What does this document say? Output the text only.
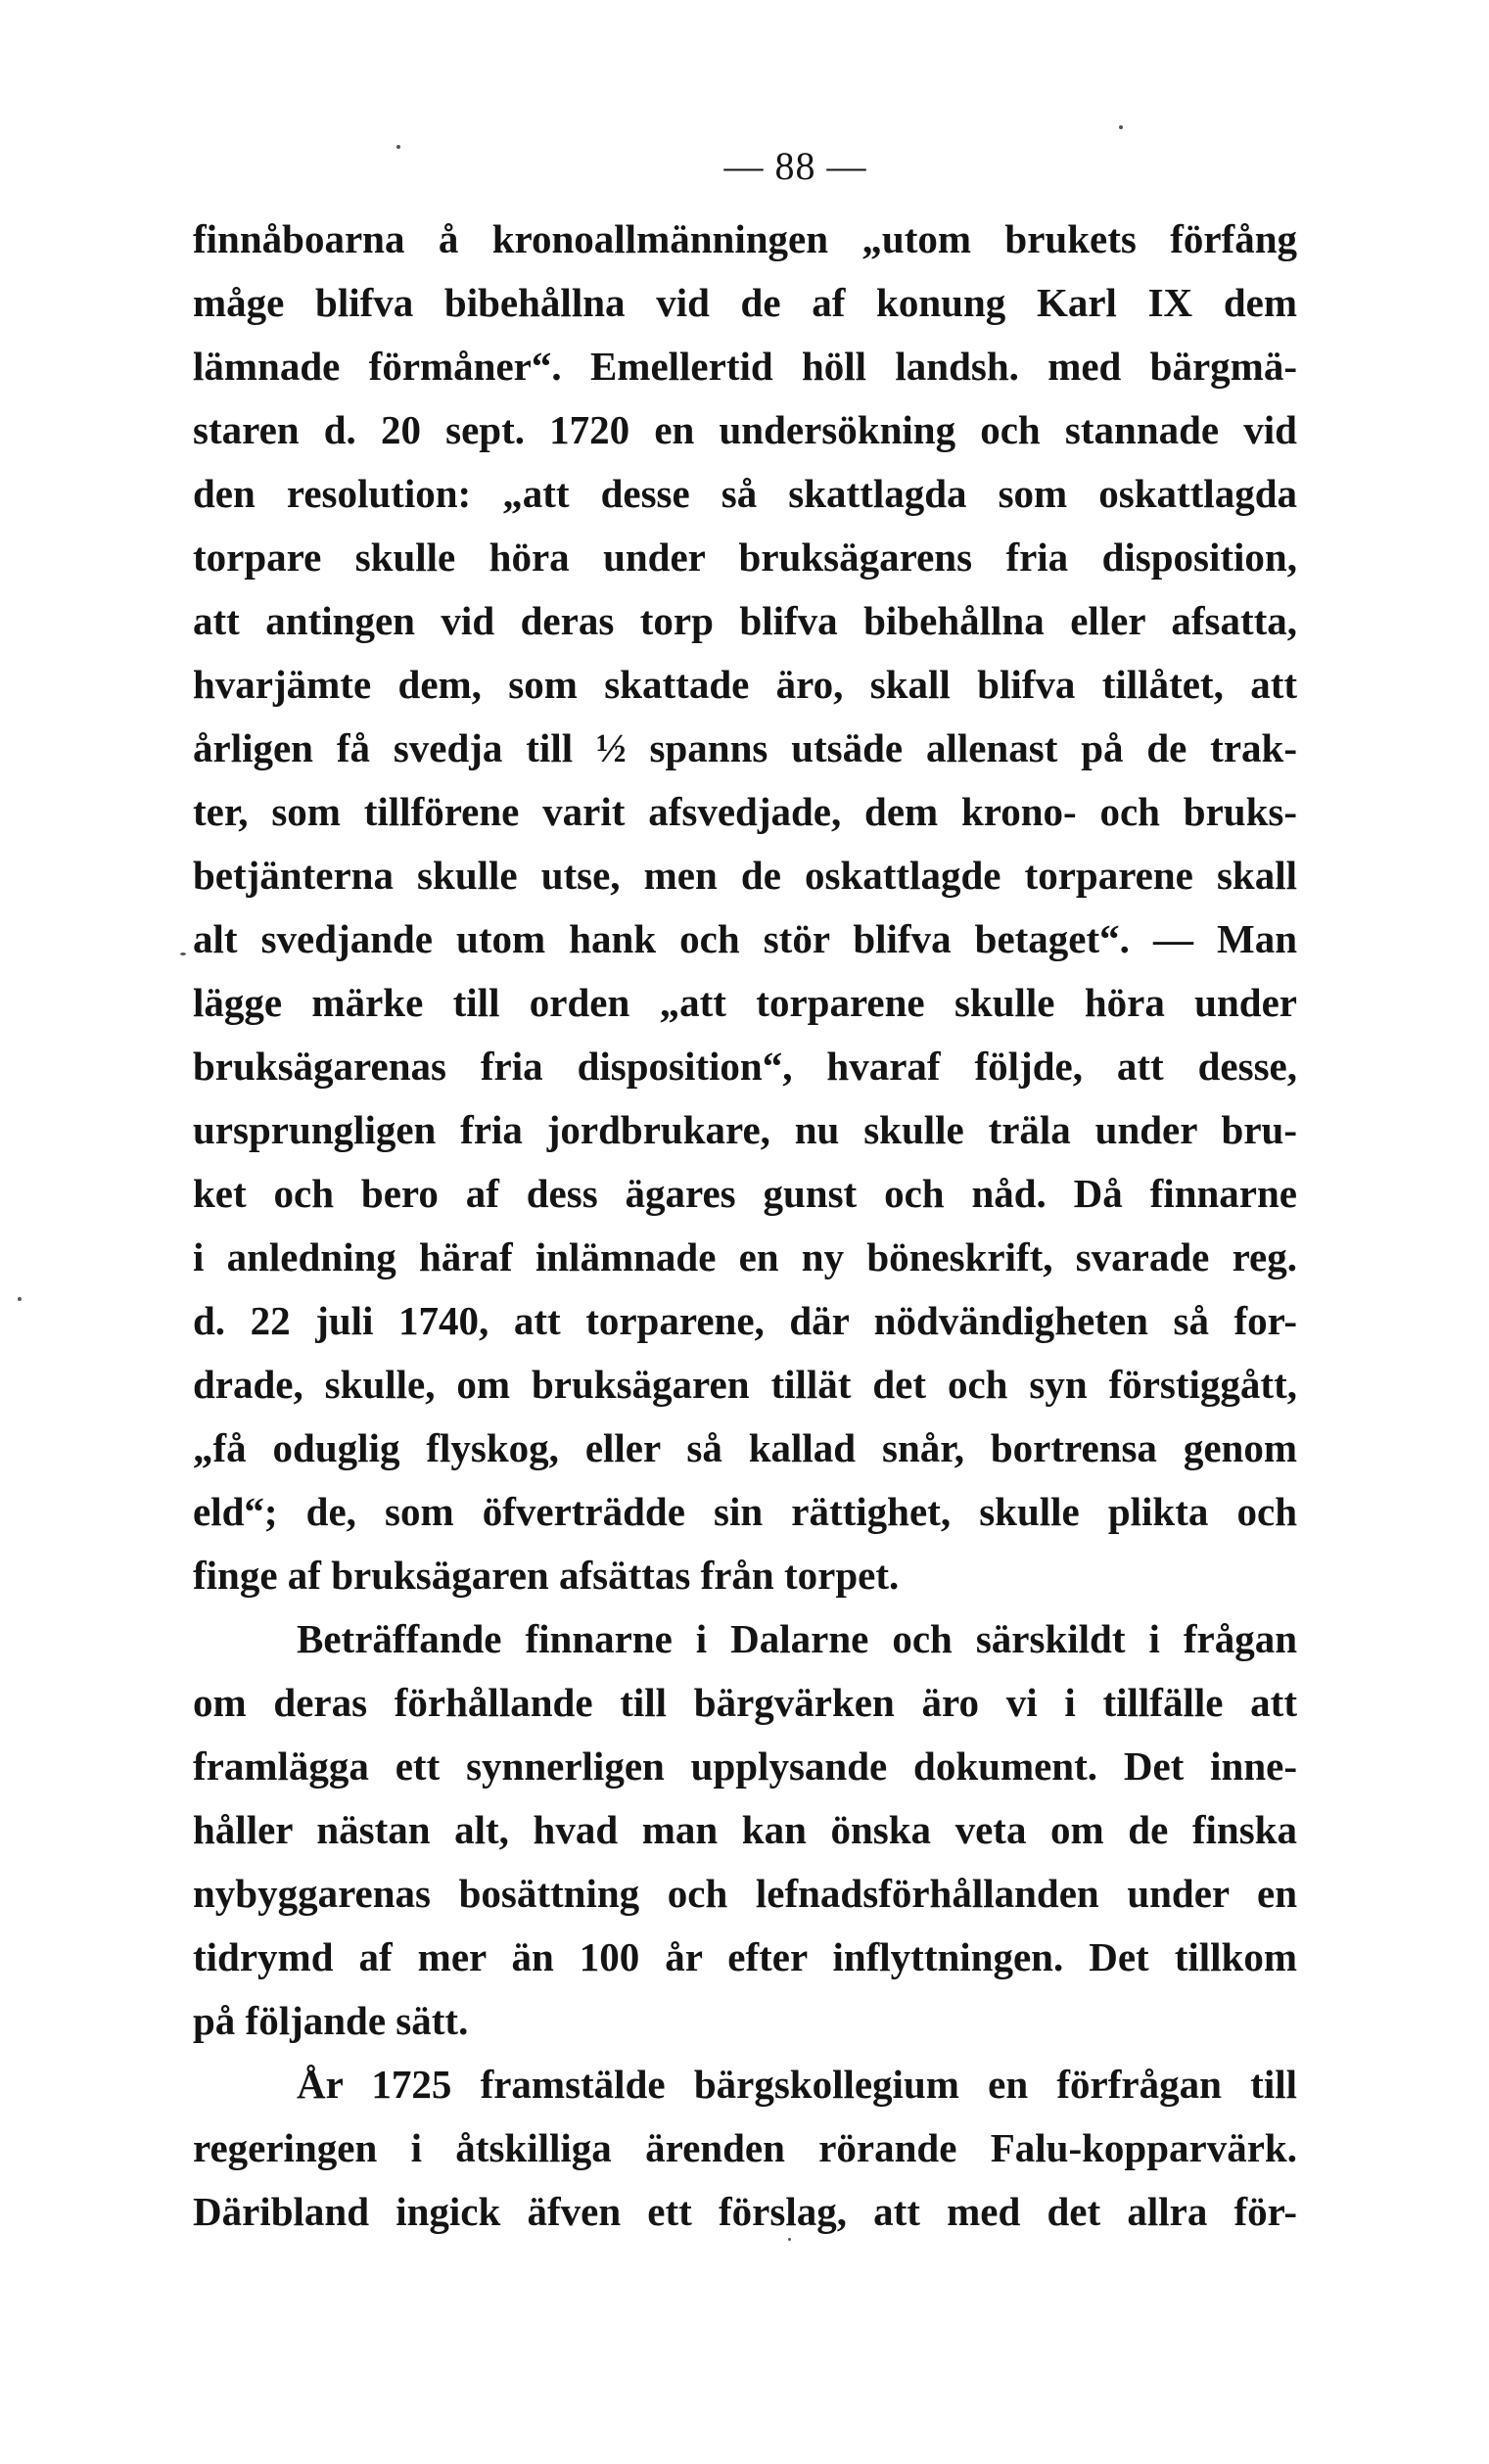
— 88 —
finnåboarna å kronoallmänningen „utom brukets förfång
måge blifva bibehållna vid de af konung Karl IX dem
lämnade förmåner“. Emellertid höll landsh. med bärgmä-
staren d. 20 sept. 1720 en undersökning och stannade vid
den resolution: „att desse så skattlagda som oskattlagda
torpare skulle höra under bruksägarens fria disposition,
att antingen vid deras torp blifva bibehållna eller afsatta,
hvarjämte dem, som skattade äro, skall blifva tillåtet, att
årligen få svedja till ½ spanns utsäde allenast på de trak-
ter, som tillförene varit afsvedjade, dem krono- och bruks-
betjänterna skulle utse, men de oskattlagde torparene skall
alt svedjande utom hank och stör blifva betaget“. — Man
lägge märke till orden „att torparene skulle höra under
bruksägarenas fria disposition“, hvaraf följde, att desse,
ursprungligen fria jordbrukare, nu skulle träla under bru-
ket och bero af dess ägares gunst och nåd. Då finnarne
i anledning häraf inlämnade en ny böneskrift, svarade reg.
d. 22 juli 1740, att torparene, där nödvändigheten så for-
drade, skulle, om bruksägaren tillät det och syn förstiggått,
„få oduglig flyskog, eller så kallad snår, bortrensa genom
eld“; de, som öfverträdde sin rättighet, skulle plikta och
finge af bruksägaren afsättas från torpet.
Beträffande finnarne i Dalarne och särskildt i frågan
om deras förhållande till bärgvärken äro vi i tillfälle att
framlägga ett synnerligen upplysande dokument. Det inne-
håller nästan alt, hvad man kan önska veta om de finska
nybyggarenas bosättning och lefnadsförhållanden under en
tidrymd af mer än 100 år efter inflyttningen. Det tillkom
på följande sätt.
År 1725 framstälde bärgskollegium en förfrågan till
regeringen i åtskilliga ärenden rörande Falu-kopparvärk.
Däribland ingick äfven ett förslag, att med det allra för-
